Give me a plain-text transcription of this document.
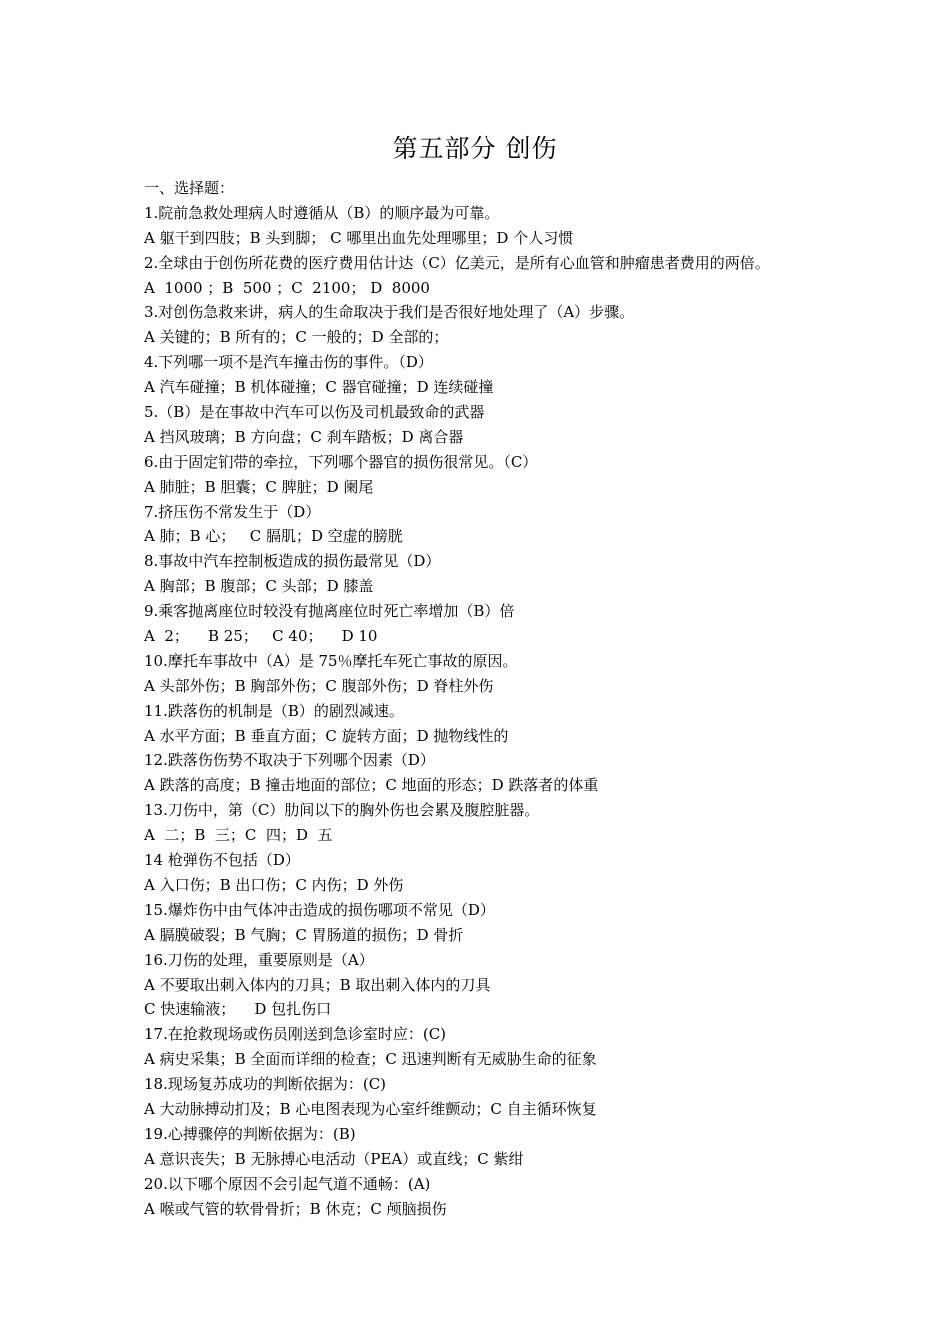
第五部分 创伤
一、选择题：
1.院前急救处理病人时遵循从（B）的顺序最为可靠。
A 躯干到四肢；B 头到脚； C 哪里出血先处理哪里；D 个人习惯
2.全球由于创伤所花费的医疗费用估计达（C）亿美元，是所有心血管和肿瘤患者费用的两倍。
A  1000 ；B  500 ；C  2100； D  8000
3.对创伤急救来讲，病人的生命取决于我们是否很好地处理了（A）步骤。
A 关键的；B 所有的；C 一般的；D 全部的；
4.下列哪一项不是汽车撞击伤的事件。（D）
A 汽车碰撞；B 机体碰撞；C 器官碰撞；D 连续碰撞
5.（B）是在事故中汽车可以伤及司机最致命的武器
A 挡风玻璃；B 方向盘；C 刹车踏板；D 离合器
6.由于固定钔带的牵拉，下列哪个器官的损伤很常见。（C）
A 肺脏；B 胆囊；C 脾脏；D 阑尾
7.挤压伤不常发生于（D）
A 肺；B 心；   C 膈肌；D 空虚的膀胱
8.事故中汽车控制板造成的损伤最常见（D）
A 胸部；B 腹部；C 头部；D 膝盖
9.乘客抛离座位时较没有抛离座位时死亡率增加（B）倍
A  2；    B 25；   C 40；    D 10
10.摩托车事故中（A）是 75％摩托车死亡事故的原因。
A 头部外伤；B 胸部外伤；C 腹部外伤；D 脊柱外伤
11.跌落伤的机制是（B）的剧烈减速。
A 水平方面；B 垂直方面；C 旋转方面；D 抛物线性的
12.跌落伤伤势不取决于下列哪个因素（D）
A 跌落的高度；B 撞击地面的部位；C 地面的形态；D 跌落者的体重
13.刀伤中，第（C）肋间以下的胸外伤也会累及腹腔脏器。
A  二；B  三；C  四；D  五
14 枪弹伤不包括（D）
A 入口伤；B 出口伤；C 内伤；D 外伤
15.爆炸伤中由气体冲击造成的损伤哪项不常见（D）
A 膈膜破裂；B 气胸；C 胃肠道的损伤；D 骨折
16.刀伤的处理，重要原则是（A）
A 不要取出刺入体内的刀具；B 取出刺入体内的刀具
C 快速输液；    D 包扎伤口
17.在抢救现场或伤员刚送到急诊室时应：(C)
A 病史采集；B 全面而详细的检查；C 迅速判断有无威胁生命的征象
18.现场复苏成功的判断依据为：(C)
A 大动脉搏动扪及；B 心电图表现为心室纤维颤动；C 自主循环恢复
19.心搏骤停的判断依据为：(B)
A 意识丧失；B 无脉搏心电活动（PEA）或直线；C 紫绀
20.以下哪个原因不会引起气道不通畅：(A)
A 喉或气管的软骨骨折；B 休克；C 颅脑损伤
